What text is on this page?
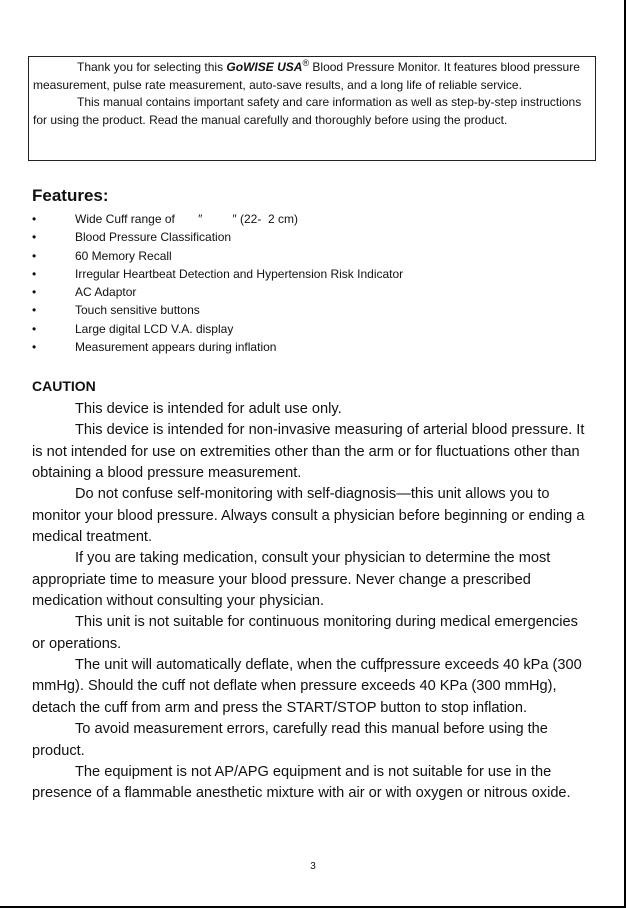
Thank you for selecting this GoWISE USA® Blood Pressure Monitor. It features blood pressure measurement, pulse rate measurement, auto-save results, and a long life of reliable service.

This manual contains important safety and care information as well as step-by-step instructions for using the product. Read the manual carefully and thoroughly before using the product.

Features:
•	Wide Cuff range of       ″         ″ (22-  2 cm)
•	Blood Pressure Classification
•	60 Memory Recall
•	Irregular Heartbeat Detection and Hypertension Risk Indicator
•	AC Adaptor
•	Touch sensitive buttons
•	Large digital LCD V.A. display
•	Measurement appears during inflation
CAUTION

This device is intended for adult use only.

This device is intended for non-invasive measuring of arterial blood pressure. It is not intended for use on extremities other than the arm or for fluctuations other than obtaining a blood pressure measurement.

Do not confuse self-monitoring with self-diagnosis—this unit allows you to monitor your blood pressure. Always consult a physician before beginning or ending a medical treatment.

If you are taking medication, consult your physician to determine the most appropriate time to measure your blood pressure. Never change a prescribed medication without consulting your physician.

This unit is not suitable for continuous monitoring during medical emergencies or operations.

The unit will automatically deflate, when the cuffpressure exceeds 40 kPa (300 mmHg). Should the cuff not deflate when pressure exceeds 40 KPa (300 mmHg), detach the cuff from arm and press the START/STOP button to stop inflation.

To avoid measurement errors, carefully read this manual before using the product.

The equipment is not AP/APG equipment and is not suitable for use in the presence of a flammable anesthetic mixture with air or with oxygen or nitrous oxide.

3
